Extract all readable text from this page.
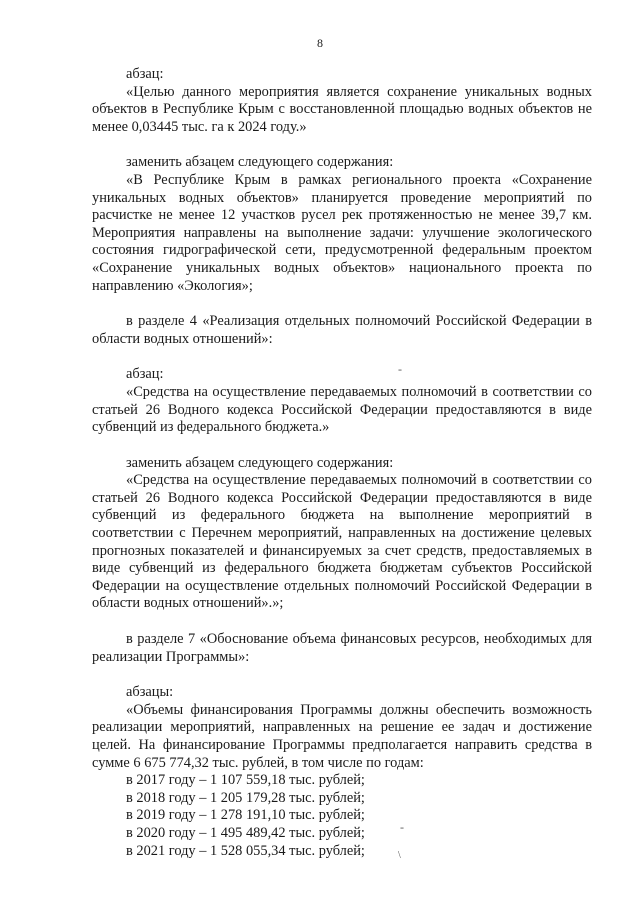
8

абзац:

«Целью данного мероприятия является сохранение уникальных водных объектов в Республике Крым с восстановленной площадью водных объектов не менее 0,03445 тыс. га к 2024 году.»

заменить абзацем следующего содержания:

«В Республике Крым в рамках регионального проекта «Сохранение уникальных водных объектов» планируется проведение мероприятий по расчистке не менее 12 участков русел рек протяженностью не менее 39,7 км. Мероприятия направлены на выполнение задачи: улучшение экологического состояния гидрографической сети, предусмотренной федеральным проектом «Сохранение уникальных водных объектов» национального проекта по направлению «Экология»;

в разделе 4 «Реализация отдельных полномочий Российской Федерации в области водных отношений»:

абзац:

«Средства на осуществление передаваемых полномочий в соответствии со статьей 26 Водного кодекса Российской Федерации предоставляются в виде субвенций из федерального бюджета.»

заменить абзацем следующего содержания:

«Средства на осуществление передаваемых полномочий в соответствии со статьей 26 Водного кодекса Российской Федерации предоставляются в виде субвенций из федерального бюджета на выполнение мероприятий в соответствии с Перечнем мероприятий, направленных на достижение целевых прогнозных показателей и финансируемых за счет средств, предоставляемых в виде субвенций из федерального бюджета бюджетам субъектов Российской Федерации на осуществление отдельных полномочий Российской Федерации в области водных отношений».»;

в разделе 7 «Обоснование объема финансовых ресурсов, необходимых для реализации Программы»:

абзацы:

«Объемы финансирования Программы должны обеспечить возможность реализации мероприятий, направленных на решение ее задач и достижение целей. На финансирование Программы предполагается направить средства в сумме 6 675 774,32 тыс. рублей, в том числе по годам:

в 2017 году – 1 107 559,18 тыс. рублей;

в 2018 году – 1 205 179,28 тыс. рублей;

в 2019 году – 1 278 191,10 тыс. рублей;

в 2020 году – 1 495 489,42 тыс. рублей;

в 2021 году – 1 528 055,34 тыс. рублей;

-
-
\
